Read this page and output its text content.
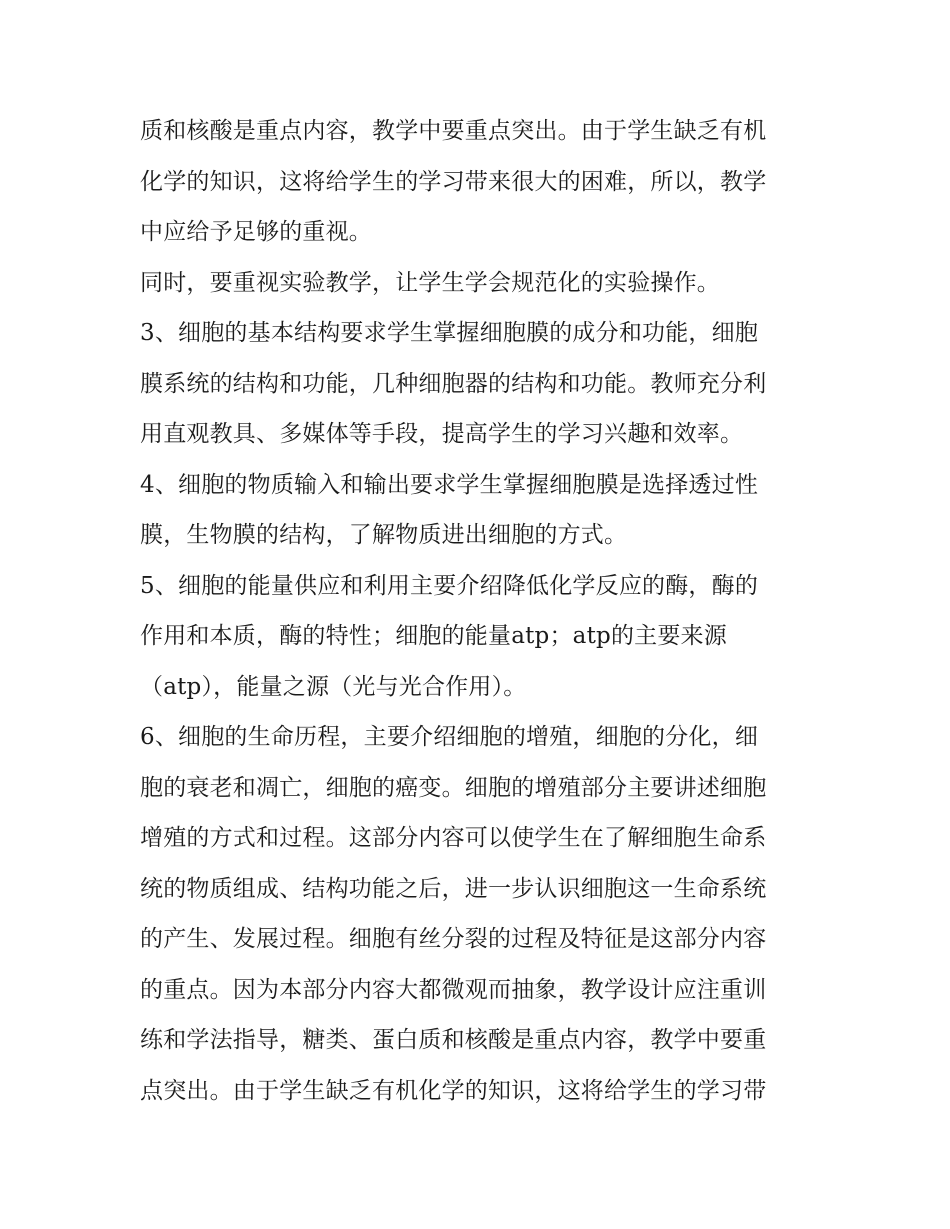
质和核酸是重点内容，教学中要重点突出。由于学生缺乏有机
化学的知识，这将给学生的学习带来很大的困难，所以，教学
中应给予足够的重视。
同时，要重视实验教学，让学生学会规范化的实验操作。
3、细胞的基本结构要求学生掌握细胞膜的成分和功能，细胞
膜系统的结构和功能，几种细胞器的结构和功能。教师充分利
用直观教具、多媒体等手段，提高学生的学习兴趣和效率。
4、细胞的物质输入和输出要求学生掌握细胞膜是选择透过性
膜，生物膜的结构，了解物质进出细胞的方式。
5、细胞的能量供应和利用主要介绍降低化学反应的酶，酶的
作用和本质，酶的特性；细胞的能量atp；atp的主要来源
（atp），能量之源（光与光合作用）。
6、细胞的生命历程，主要介绍细胞的增殖，细胞的分化，细
胞的衰老和凋亡，细胞的癌变。细胞的增殖部分主要讲述细胞
增殖的方式和过程。这部分内容可以使学生在了解细胞生命系
统的物质组成、结构功能之后，进一步认识细胞这一生命系统
的产生、发展过程。细胞有丝分裂的过程及特征是这部分内容
的重点。因为本部分内容大都微观而抽象，教学设计应注重训
练和学法指导，糖类、蛋白质和核酸是重点内容，教学中要重
点突出。由于学生缺乏有机化学的知识，这将给学生的学习带
